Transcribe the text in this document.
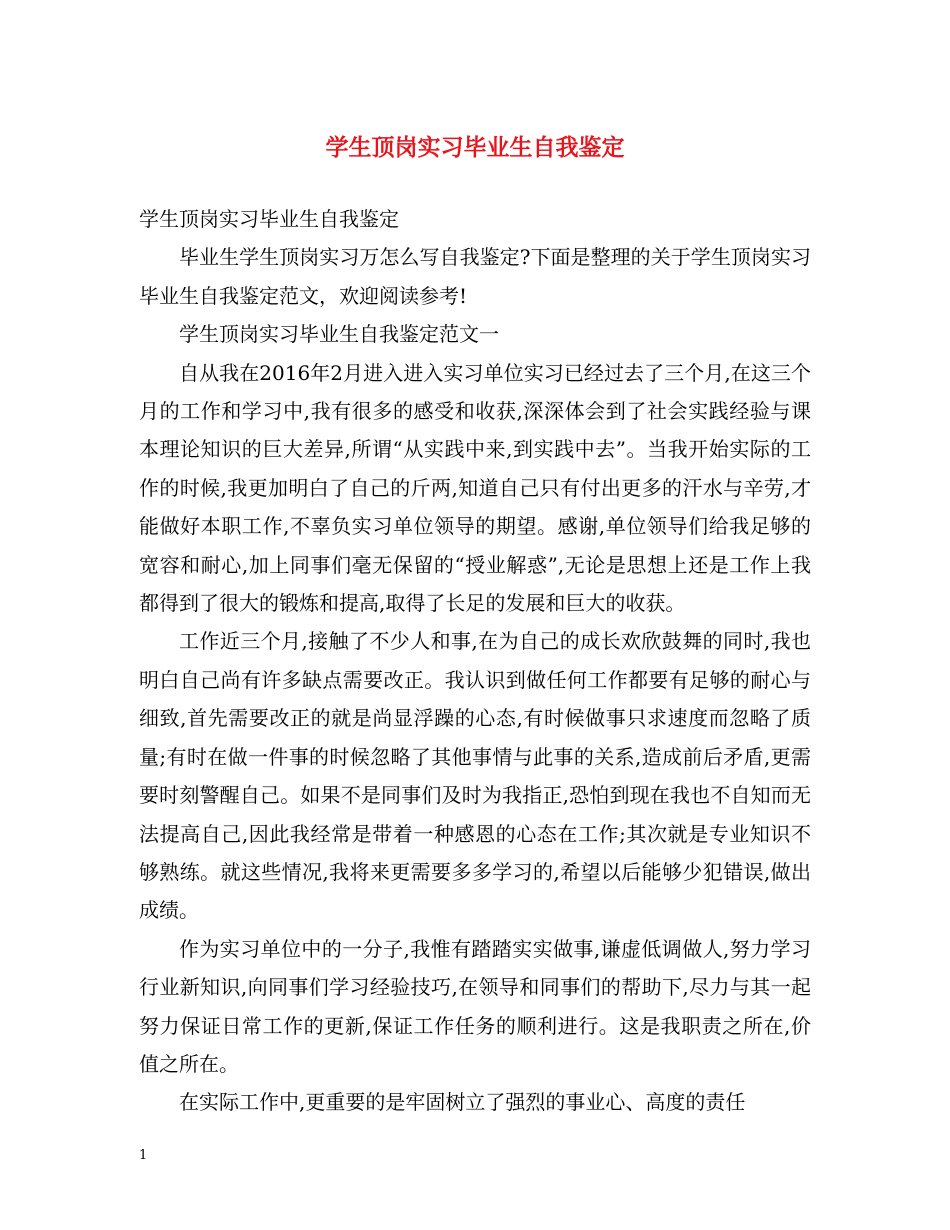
学生顶岗实习毕业生自我鉴定

学生顶岗实习毕业生自我鉴定

毕业生学生顶岗实习万怎么写自我鉴定?下面是整理的关于学生顶岗实习毕业生自我鉴定范文，欢迎阅读参考!

学生顶岗实习毕业生自我鉴定范文一

自从我在2016年2月进入进入实习单位实习已经过去了三个月,在这三个月的工作和学习中,我有很多的感受和收获,深深体会到了社会实践经验与课本理论知识的巨大差异,所谓“从实践中来,到实践中去”。当我开始实际的工作的时候,我更加明白了自己的斤两,知道自己只有付出更多的汗水与辛劳,才能做好本职工作,不辜负实习单位领导的期望。感谢,单位领导们给我足够的宽容和耐心,加上同事们毫无保留的“授业解惑”,无论是思想上还是工作上我都得到了很大的锻炼和提高,取得了长足的发展和巨大的收获。

工作近三个月,接触了不少人和事,在为自己的成长欢欣鼓舞的同时,我也明白自己尚有许多缺点需要改正。我认识到做任何工作都要有足够的耐心与细致,首先需要改正的就是尚显浮躁的心态,有时候做事只求速度而忽略了质量;有时在做一件事的时候忽略了其他事情与此事的关系,造成前后矛盾,更需要时刻警醒自己。如果不是同事们及时为我指正,恐怕到现在我也不自知而无法提高自己,因此我经常是带着一种感恩的心态在工作;其次就是专业知识不够熟练。就这些情况,我将来更需要多多学习的,希望以后能够少犯错误,做出成绩。

作为实习单位中的一分子,我惟有踏踏实实做事,谦虚低调做人,努力学习行业新知识,向同事们学习经验技巧,在领导和同事们的帮助下,尽力与其一起努力保证日常工作的更新,保证工作任务的顺利进行。这是我职责之所在,价值之所在。

在实际工作中,更重要的是牢固树立了强烈的事业心、高度的责任

1
